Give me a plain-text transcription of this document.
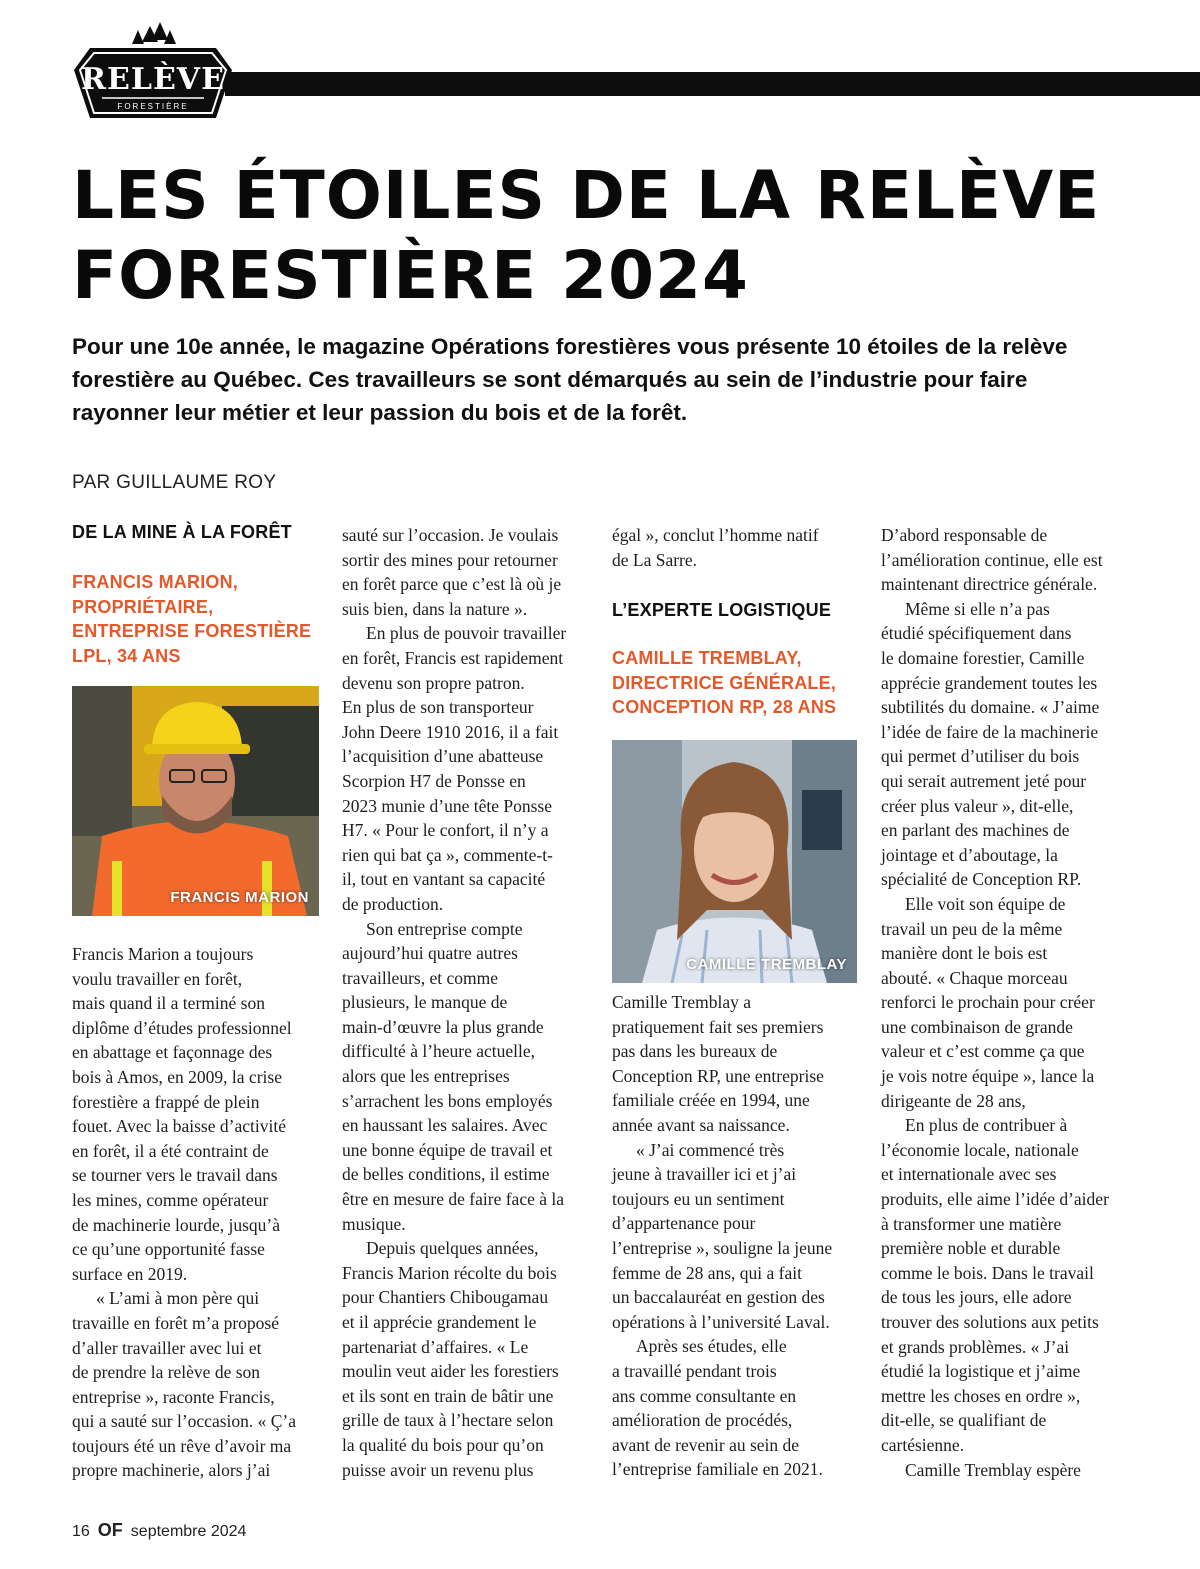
RELÈVE
FORESTIÈRE
LES ÉTOILES DE LA RELÈVE
FORESTIÈRE 2024
Pour une 10e année, le magazine Opérations forestières vous présente 10 étoiles de la relève
forestière au Québec. Ces travailleurs se sont démarqués au sein de l’industrie pour faire
rayonner leur métier et leur passion du bois et de la forêt.
PAR GUILLAUME ROY
DE LA MINE À LA FORÊT
FRANCIS MARION,
PROPRIÉTAIRE,
ENTREPRISE FORESTIÈRE
LPL, 34 ANS
FRANCIS MARION
Francis Marion a toujours
voulu travailler en forêt,
mais quand il a terminé son
diplôme d’études professionnel
en abattage et façonnage des
bois à Amos, en 2009, la crise
forestière a frappé de plein
fouet. Avec la baisse d’activité
en forêt, il a été contraint de
se tourner vers le travail dans
les mines, comme opérateur
de machinerie lourde, jusqu’à
ce qu’une opportunité fasse
surface en 2019.
« L’ami à mon père qui
travaille en forêt m’a proposé
d’aller travailler avec lui et
de prendre la relève de son
entreprise », raconte Francis,
qui a sauté sur l’occasion. « Ç’a
toujours été un rêve d’avoir ma
propre machinerie, alors j’ai
sauté sur l’occasion. Je voulais
sortir des mines pour retourner
en forêt parce que c’est là où je
suis bien, dans la nature ».
En plus de pouvoir travailler
en forêt, Francis est rapidement
devenu son propre patron.
En plus de son transporteur
John Deere 1910 2016, il a fait
l’acquisition d’une abatteuse
Scorpion H7 de Ponsse en
2023 munie d’une tête Ponsse
H7. « Pour le confort, il n’y a
rien qui bat ça », commente-t-
il, tout en vantant sa capacité
de production.
Son entreprise compte
aujourd’hui quatre autres
travailleurs, et comme
plusieurs, le manque de
main-d’œuvre la plus grande
difficulté à l’heure actuelle,
alors que les entreprises
s’arrachent les bons employés
en haussant les salaires. Avec
une bonne équipe de travail et
de belles conditions, il estime
être en mesure de faire face à la
musique.
Depuis quelques années,
Francis Marion récolte du bois
pour Chantiers Chibougamau
et il apprécie grandement le
partenariat d’affaires. « Le
moulin veut aider les forestiers
et ils sont en train de bâtir une
grille de taux à l’hectare selon
la qualité du bois pour qu’on
puisse avoir un revenu plus
égal », conclut l’homme natif
de La Sarre.
L’EXPERTE LOGISTIQUE
CAMILLE TREMBLAY,
DIRECTRICE GÉNÉRALE,
CONCEPTION RP, 28 ANS
CAMILLE TREMBLAY
Camille Tremblay a
pratiquement fait ses premiers
pas dans les bureaux de
Conception RP, une entreprise
familiale créée en 1994, une
année avant sa naissance.
« J’ai commencé très
jeune à travailler ici et j’ai
toujours eu un sentiment
d’appartenance pour
l’entreprise », souligne la jeune
femme de 28 ans, qui a fait
un baccalauréat en gestion des
opérations à l’université Laval.
Après ses études, elle
a travaillé pendant trois
ans comme consultante en
amélioration de procédés,
avant de revenir au sein de
l’entreprise familiale en 2021.
D’abord responsable de
l’amélioration continue, elle est
maintenant directrice générale.
Même si elle n’a pas
étudié spécifiquement dans
le domaine forestier, Camille
apprécie grandement toutes les
subtilités du domaine. « J’aime
l’idée de faire de la machinerie
qui permet d’utiliser du bois
qui serait autrement jeté pour
créer plus valeur », dit-elle,
en parlant des machines de
jointage et d’aboutage, la
spécialité de Conception RP.
Elle voit son équipe de
travail un peu de la même
manière dont le bois est
abouté. « Chaque morceau
renforci le prochain pour créer
une combinaison de grande
valeur et c’est comme ça que
je vois notre équipe », lance la
dirigeante de 28 ans,
En plus de contribuer à
l’économie locale, nationale
et internationale avec ses
produits, elle aime l’idée d’aider
à transformer une matière
première noble et durable
comme le bois. Dans le travail
de tous les jours, elle adore
trouver des solutions aux petits
et grands problèmes. « J’ai
étudié la logistique et j’aime
mettre les choses en ordre »,
dit-elle, se qualifiant de
cartésienne.
Camille Tremblay espère
16 OF septembre 2024
